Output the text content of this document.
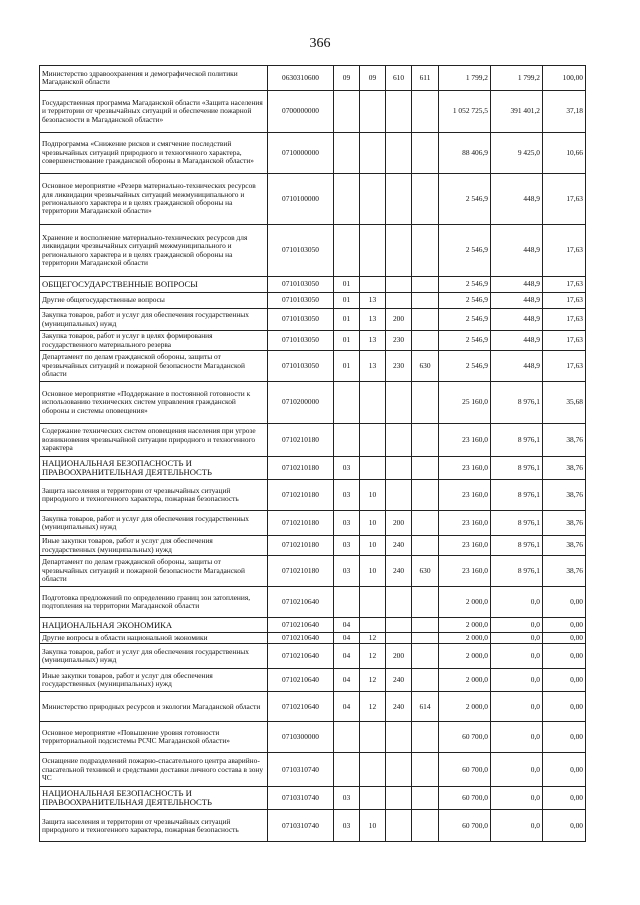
366
Министерство здравоохранения и демографической политики Магаданской области	0630310600	09	09	610	611	1 799,2	1 799,2	100,00
Государственная программа Магаданской области «Защита населения и территории от чрезвычайных ситуаций и обеспечение пожарной безопасности в Магаданской области»	0700000000					1 052 725,5	391 401,2	37,18
Подпрограмма «Снижение рисков и смягчение последствий чрезвычайных ситуаций природного и техногенного характера, совершенствование гражданской обороны в Магаданской области»	0710000000					88 406,9	9 425,0	10,66
Основное мероприятие «Резерв материально-технических ресурсов для ликвидации чрезвычайных ситуаций межмуниципального и регионального характера и в целях гражданской обороны на территории Магаданской области»	0710100000					2 546,9	448,9	17,63
Хранение и восполнение материально-технических ресурсов для ликвидации чрезвычайных ситуаций межмуниципального и регионального характера и в целях гражданской обороны на территории Магаданской области	0710103050					2 546,9	448,9	17,63
ОБЩЕГОСУДАРСТВЕННЫЕ ВОПРОСЫ	0710103050	01				2 546,9	448,9	17,63
Другие общегосударственные вопросы	0710103050	01	13			2 546,9	448,9	17,63
Закупка товаров, работ и услуг для обеспечения государственных (муниципальных) нужд	0710103050	01	13	200		2 546,9	448,9	17,63
Закупка товаров, работ и услуг в целях формирования государственного материального резерва	0710103050	01	13	230		2 546,9	448,9	17,63
Департамент по делам гражданской обороны, защиты от чрезвычайных ситуаций и пожарной безопасности Магаданской области	0710103050	01	13	230	630	2 546,9	448,9	17,63
Основное мероприятие «Поддержание в постоянной готовности к использованию технических систем управления гражданской обороны и системы оповещения»	0710200000					25 160,0	8 976,1	35,68
Содержание технических систем оповещения населения при угрозе возникновения чрезвычайной ситуации природного и техногенного характера	0710210180					23 160,0	8 976,1	38,76
НАЦИОНАЛЬНАЯ БЕЗОПАСНОСТЬ И ПРАВООХРАНИТЕЛЬНАЯ ДЕЯТЕЛЬНОСТЬ	0710210180	03				23 160,0	8 976,1	38,76
Защита населения и территории от чрезвычайных ситуаций природного и техногенного характера, пожарная безопасность	0710210180	03	10			23 160,0	8 976,1	38,76
Закупка товаров, работ и услуг для обеспечения государственных (муниципальных) нужд	0710210180	03	10	200		23 160,0	8 976,1	38,76
Иные закупки товаров, работ и услуг для обеспечения государственных (муниципальных) нужд	0710210180	03	10	240		23 160,0	8 976,1	38,76
Департамент по делам гражданской обороны, защиты от чрезвычайных ситуаций и пожарной безопасности Магаданской области	0710210180	03	10	240	630	23 160,0	8 976,1	38,76
Подготовка предложений по определению границ зон затопления, подтопления на территории Магаданской области	0710210640					2 000,0	0,0	0,00
НАЦИОНАЛЬНАЯ ЭКОНОМИКА	0710210640	04				2 000,0	0,0	0,00
Другие вопросы в области национальной экономики	0710210640	04	12			2 000,0	0,0	0,00
Закупка товаров, работ и услуг для обеспечения государственных (муниципальных) нужд	0710210640	04	12	200		2 000,0	0,0	0,00
Иные закупки товаров, работ и услуг для обеспечения государственных (муниципальных) нужд	0710210640	04	12	240		2 000,0	0,0	0,00
Министерство природных ресурсов и экологии Магаданской области	0710210640	04	12	240	614	2 000,0	0,0	0,00
Основное мероприятие «Повышение уровня готовности территориальной подсистемы РСЧС Магаданской области»	0710300000					60 700,0	0,0	0,00
Оснащение подразделений пожарно-спасательного центра аварийно-спасательной техникой и средствами доставки личного состава в зону ЧС	0710310740					60 700,0	0,0	0,00
НАЦИОНАЛЬНАЯ БЕЗОПАСНОСТЬ И ПРАВООХРАНИТЕЛЬНАЯ ДЕЯТЕЛЬНОСТЬ	0710310740	03				60 700,0	0,0	0,00
Защита населения и территории от чрезвычайных ситуаций природного и техногенного характера, пожарная безопасность	0710310740	03	10			60 700,0	0,0	0,00
